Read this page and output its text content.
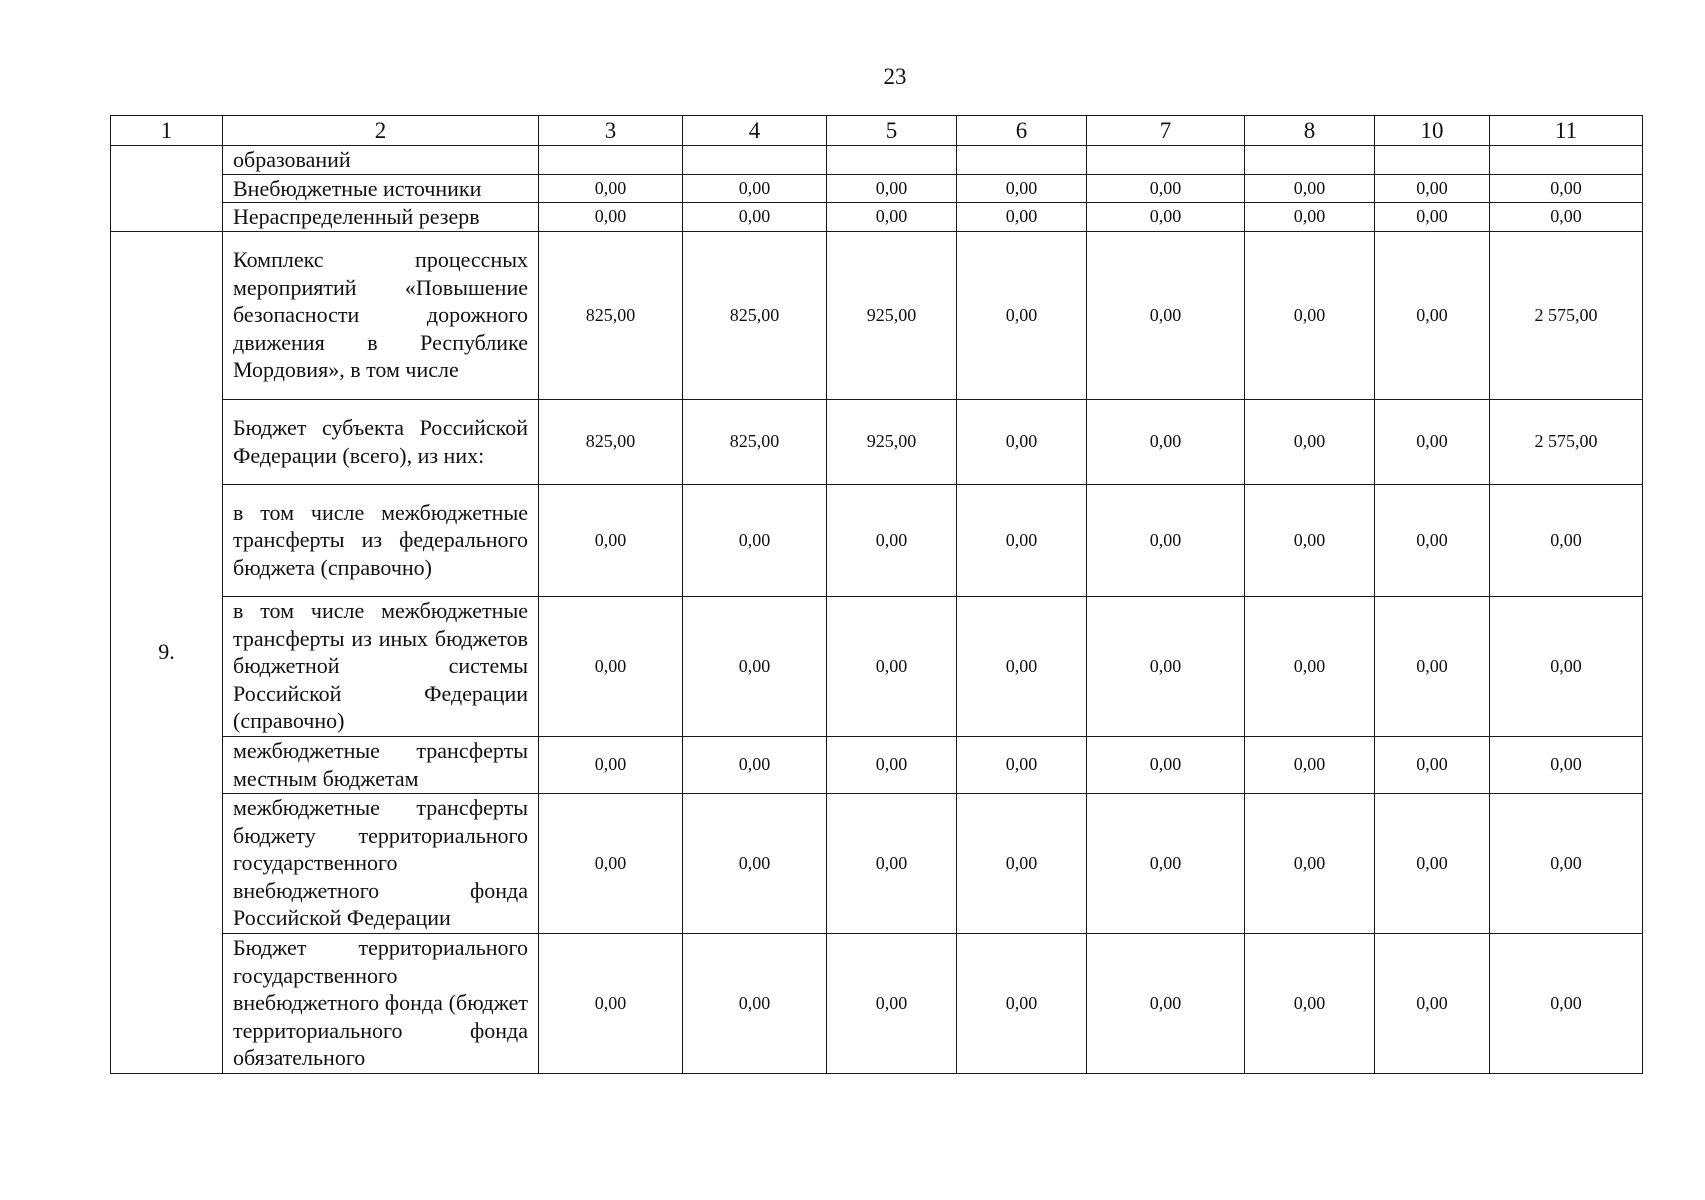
23
1	2	3	4	5	6	7	8	10	11
	образований								
	Внебюджетные источники	0,00	0,00	0,00	0,00	0,00	0,00	0,00	0,00
	Нераспределенный резерв	0,00	0,00	0,00	0,00	0,00	0,00	0,00	0,00
9.	Комплекс процессных мероприятий «Повышение безопасности дорожного движения в Республике Мордовия», в том числе	825,00	825,00	925,00	0,00	0,00	0,00	0,00	2 575,00
	Бюджет субъекта Российской Федерации (всего), из них:	825,00	825,00	925,00	0,00	0,00	0,00	0,00	2 575,00
	в том числе межбюджетные трансферты из федерального бюджета (справочно)	0,00	0,00	0,00	0,00	0,00	0,00	0,00	0,00
	в том числе межбюджетные трансферты из иных бюджетов бюджетной системы Российской Федерации (справочно)	0,00	0,00	0,00	0,00	0,00	0,00	0,00	0,00
	межбюджетные трансферты местным бюджетам	0,00	0,00	0,00	0,00	0,00	0,00	0,00	0,00
	межбюджетные трансферты бюджету территориального государственного внебюджетного фонда Российской Федерации	0,00	0,00	0,00	0,00	0,00	0,00	0,00	0,00
	Бюджет территориального государственного внебюджетного фонда (бюджет территориального фонда обязательного	0,00	0,00	0,00	0,00	0,00	0,00	0,00	0,00
